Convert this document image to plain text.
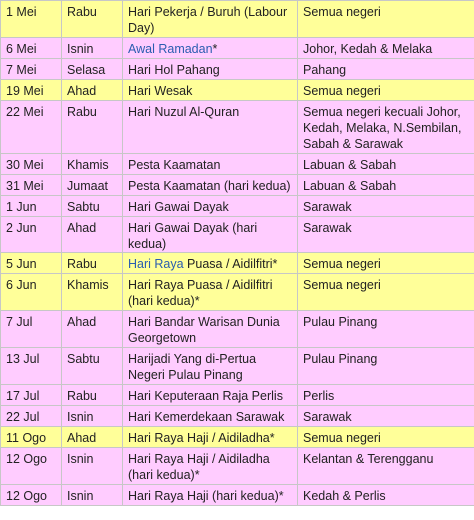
1 Mei	Rabu	Hari Pekerja / Buruh (Labour Day)	Semua negeri
6 Mei	Isnin	Awal Ramadan*	Johor, Kedah & Melaka
7 Mei	Selasa	Hari Hol Pahang	Pahang
19 Mei	Ahad	Hari Wesak	Semua negeri
22 Mei	Rabu	Hari Nuzul Al-Quran	Semua negeri kecuali Johor, Kedah, Melaka, N.Sembilan, Sabah & Sarawak
30 Mei	Khamis	Pesta Kaamatan	Labuan & Sabah
31 Mei	Jumaat	Pesta Kaamatan (hari kedua)	Labuan & Sabah
1 Jun	Sabtu	Hari Gawai Dayak	Sarawak
2 Jun	Ahad	Hari Gawai Dayak (hari kedua)	Sarawak
5 Jun	Rabu	Hari Raya Puasa / Aidilfitri*	Semua negeri
6 Jun	Khamis	Hari Raya Puasa / Aidilfitri (hari kedua)*	Semua negeri
7 Jul	Ahad	Hari Bandar Warisan Dunia Georgetown	Pulau Pinang
13 Jul	Sabtu	Harijadi Yang di-Pertua Negeri Pulau Pinang	Pulau Pinang
17 Jul	Rabu	Hari Keputeraan Raja Perlis	Perlis
22 Jul	Isnin	Hari Kemerdekaan Sarawak	Sarawak
11 Ogo	Ahad	Hari Raya Haji / Aidiladha*	Semua negeri
12 Ogo	Isnin	Hari Raya Haji / Aidiladha (hari kedua)*	Kelantan & Terengganu
12 Ogo	Isnin	Hari Raya Haji (hari kedua)*	Kedah & Perlis
